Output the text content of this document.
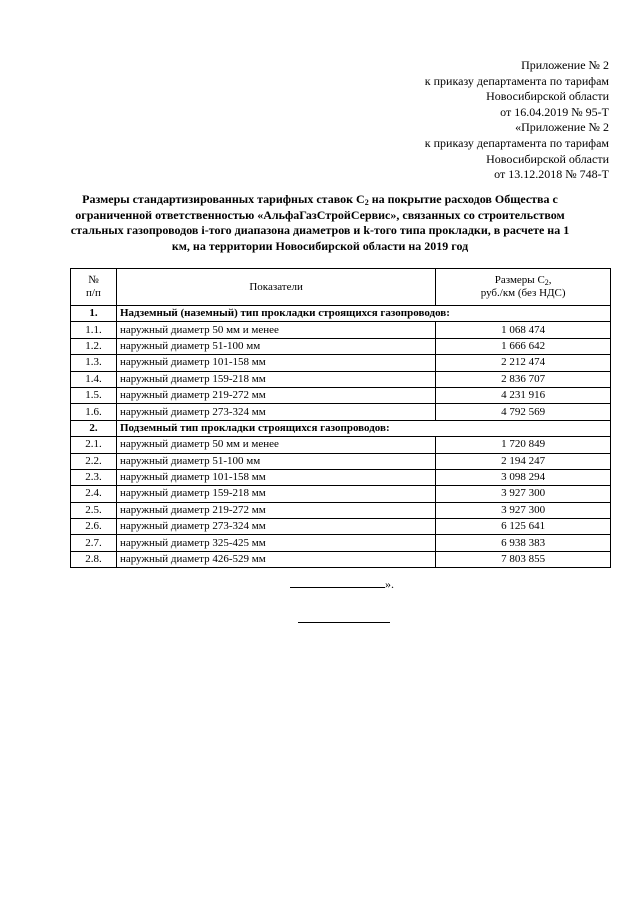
Приложение № 2
к приказу департамента по тарифам
Новосибирской области
от 16.04.2019 № 95-Т
«Приложение № 2
к приказу департамента по тарифам
Новосибирской области
от 13.12.2018 № 748-Т
Размеры стандартизированных тарифных ставок $С_2$ на покрытие расходов Общества с ограниченной ответственностью «АльфаГазСтройСервис», связанных со строительством стальных газопроводов i-того диапазона диаметров и k-того типа прокладки, в расчете на 1 км, на территории Новосибирской области на 2019 год
№
п/п	Показатели	Размеры $С_2$,
руб./км (без НДС)

1.	Надземный (наземный) тип прокладки строящихся газопроводов:	
1.1.	наружный диаметр 50 мм и менее	1 068 474
1.2.	наружный диаметр 51-100 мм	1 666 642
1.3.	наружный диаметр 101-158 мм	2 212 474
1.4.	наружный диаметр 159-218 мм	2 836 707
1.5.	наружный диаметр 219-272 мм	4 231 916
1.6.	наружный диаметр 273-324 мм	4 792 569
2.	Подземный тип прокладки строящихся газопроводов:	
2.1.	наружный диаметр 50 мм и менее	1 720 849
2.2.	наружный диаметр 51-100 мм	2 194 247
2.3.	наружный диаметр 101-158 мм	3 098 294
2.4.	наружный диаметр 159-218 мм	3 927 300
2.5.	наружный диаметр 219-272 мм	3 927 300
2.6.	наружный диаметр 273-324 мм	6 125 641
2.7.	наружный диаметр 325-425 мм	6 938 383
2.8.	наружный диаметр 426-529 мм	7 803 855
».
